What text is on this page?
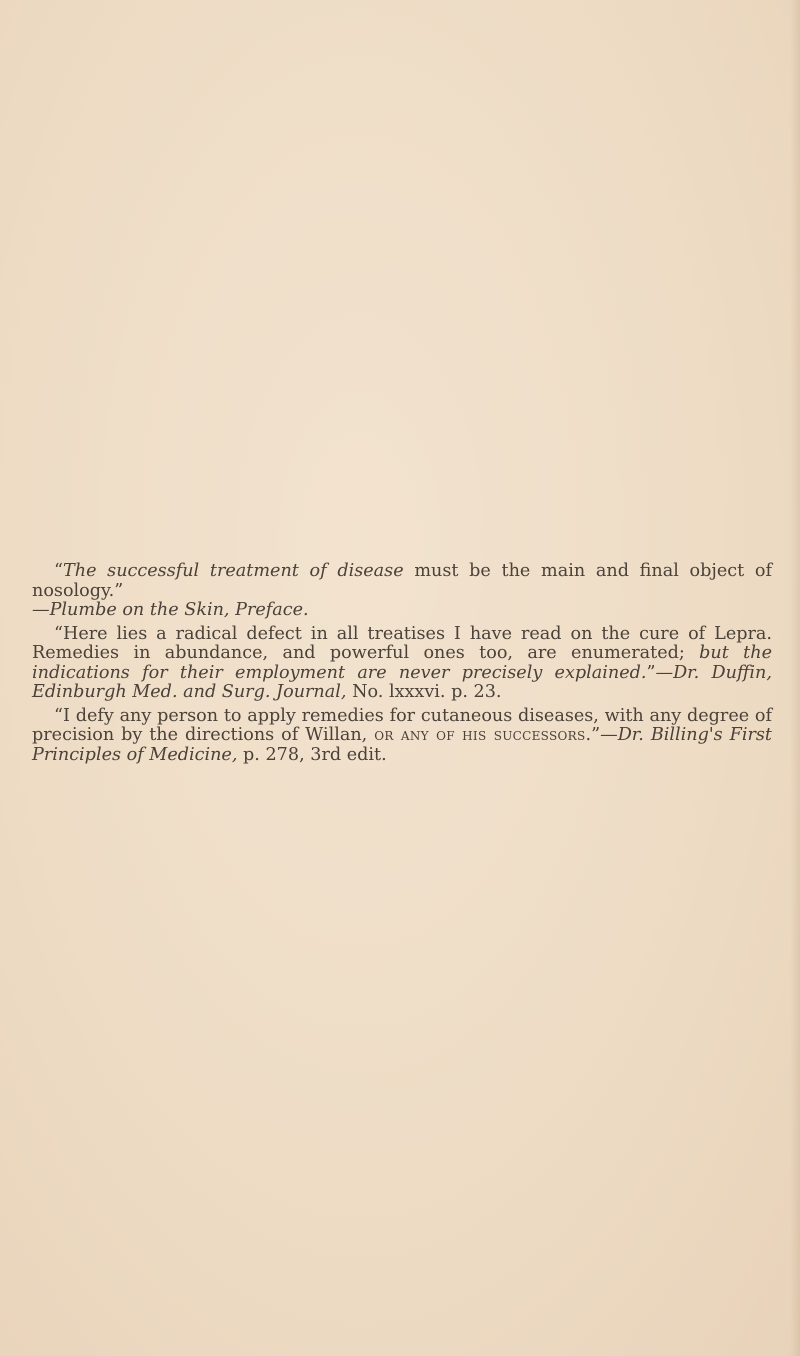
“The successful treatment of disease must be the main and final object of nosology.”
—Plumbe on the Skin, Preface.

“Here lies a radical defect in all treatises I have read on the cure of Lepra. Remedies in abundance, and powerful ones too, are enumerated; but the indications for their employment are never precisely explained.”—Dr. Duffin, Edinburgh Med. and Surg. Journal, No. lxxxvi. p. 23.

“I defy any person to apply remedies for cutaneous diseases, with any degree of precision by the directions of Willan, or any of his successors.”—Dr. Billing's First Principles of Medicine, p. 278, 3rd edit.
